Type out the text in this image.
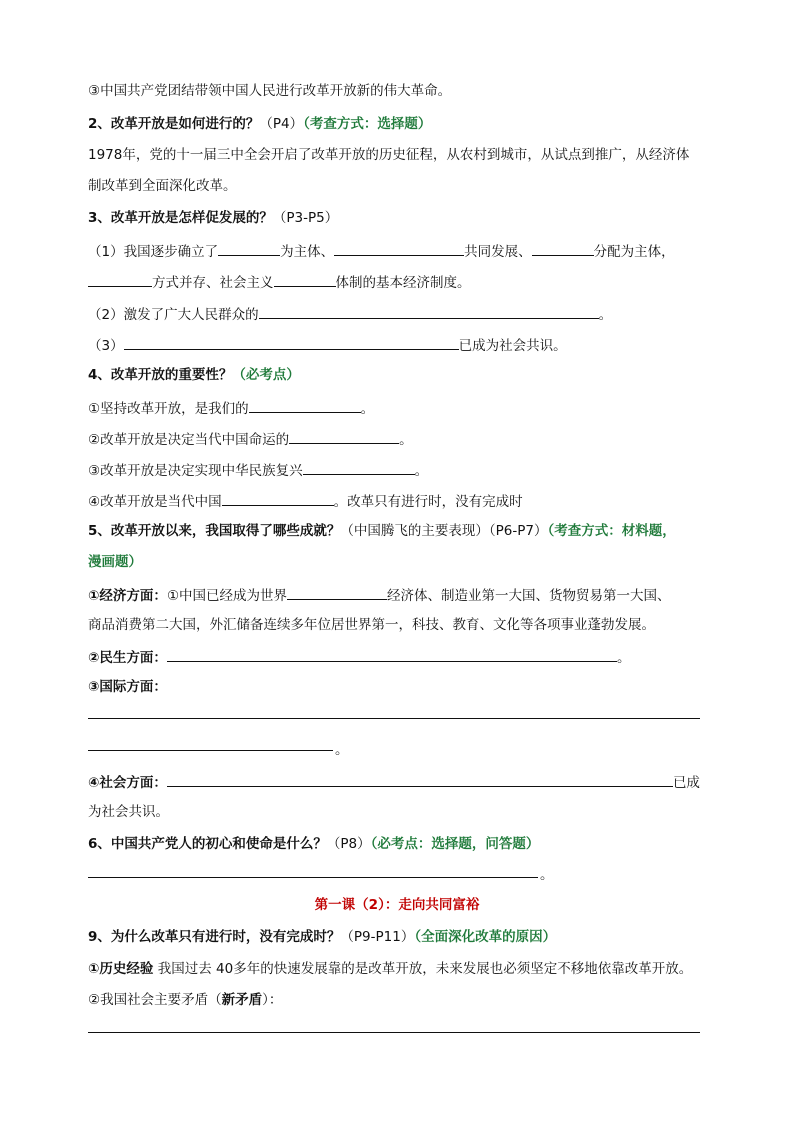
③中国共产党团结带领中国人民进行改革开放新的伟大革命。
2、改革开放是如何进行的？（P4）（考查方式：选择题）
1978年，党的十一届三中全会开启了改革开放的历史征程，从农村到城市，从试点到推广，从经济体
制改革到全面深化改革。
3、改革开放是怎样促发展的？（P3-P5）
（1）我国逐步确立了	为主体、	共同发展、	分配为主体，
方式并存、社会主义	体制的基本经济制度。
（2）激发了广大人民群众的	。
（3）	已成为社会共识。
4、改革开放的重要性？（必考点）
①坚持改革开放，是我们的	。
②改革开放是决定当代中国命运的	。
③改革开放是决定实现中华民族复兴	。
④改革开放是当代中国	。改革只有进行时，没有完成时
5、改革开放以来，我国取得了哪些成就？（中国腾飞的主要表现）（P6-P7）（考查方式：材料题，
漫画题）
①经济方面：①中国已经成为世界	经济体、制造业第一大国、货物贸易第一大国、
商品消费第二大国，外汇储备连续多年位居世界第一，科技、教育、文化等各项事业蓬勃发展。
②民生方面：	。
③国际方面：
。
④社会方面：	已成
为社会共识。
6、中国共产党人的初心和使命是什么？（P8）（必考点：选择题，问答题）
。
第一课（2）：走向共同富裕
9、为什么改革只有进行时，没有完成时？（P9-P11）（全面深化改革的原因）
①历史经验 我国过去 40多年的快速发展靠的是改革开放，未来发展也必须坚定不移地依靠改革开放。
②我国社会主要矛盾（新矛盾）：
